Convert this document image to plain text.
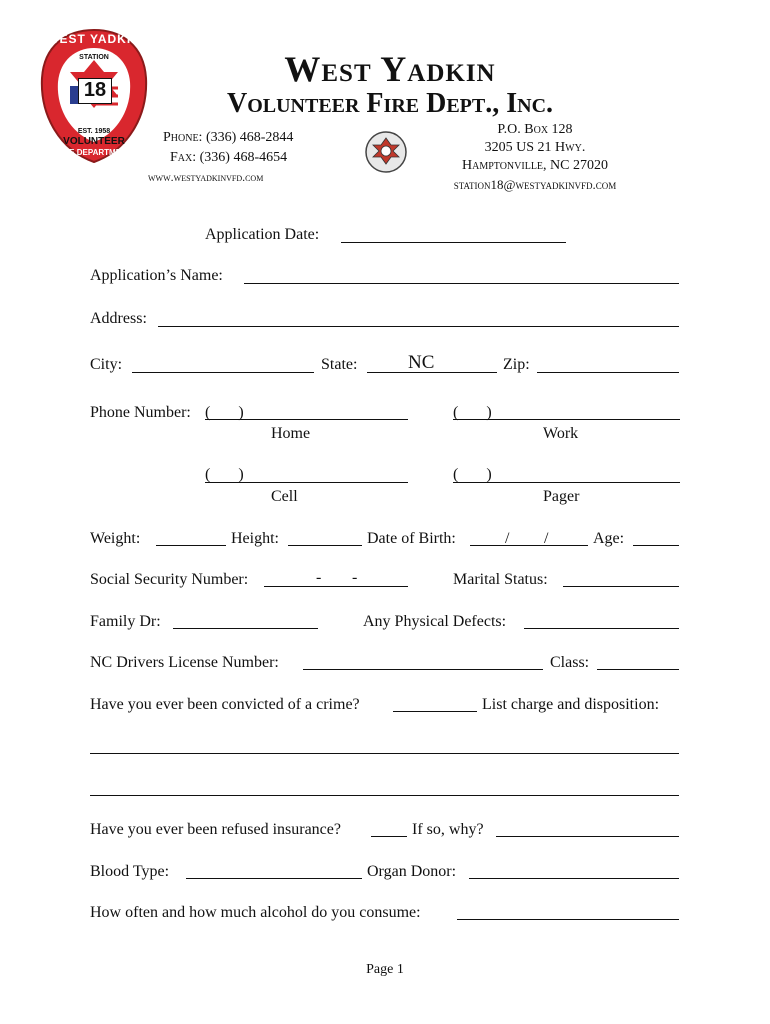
WEST YADKIN
STATION
18
EST. 1958
VOLUNTEER
FIRE DEPARTMENT
West Yadkin
Volunteer Fire Dept., Inc.
Phone: (336) 468-2844
Fax: (336) 468-4654
www.westyadkinvfd.com
P.O. Box 128
3205 US 21 Hwy.
Hamptonville, NC 27020
station18@westyadkinvfd.com
Application Date:
Application’s Name:
Address:
City:	State:	NC	Zip:
Phone Number: (       )	(       )
Home	Work
(       )	(       )
Cell	Pager
Weight:	Height:	Date of Birth:	/ /	Age:
Social Security Number:	- -	Marital Status:
Family Dr:	Any Physical Defects:
NC Drivers License Number:	Class:
Have you ever been convicted of a crime?	List charge and disposition:
Have you ever been refused insurance?	If so, why?
Blood Type:	Organ Donor:
How often and how much alcohol do you consume:
Page 1
